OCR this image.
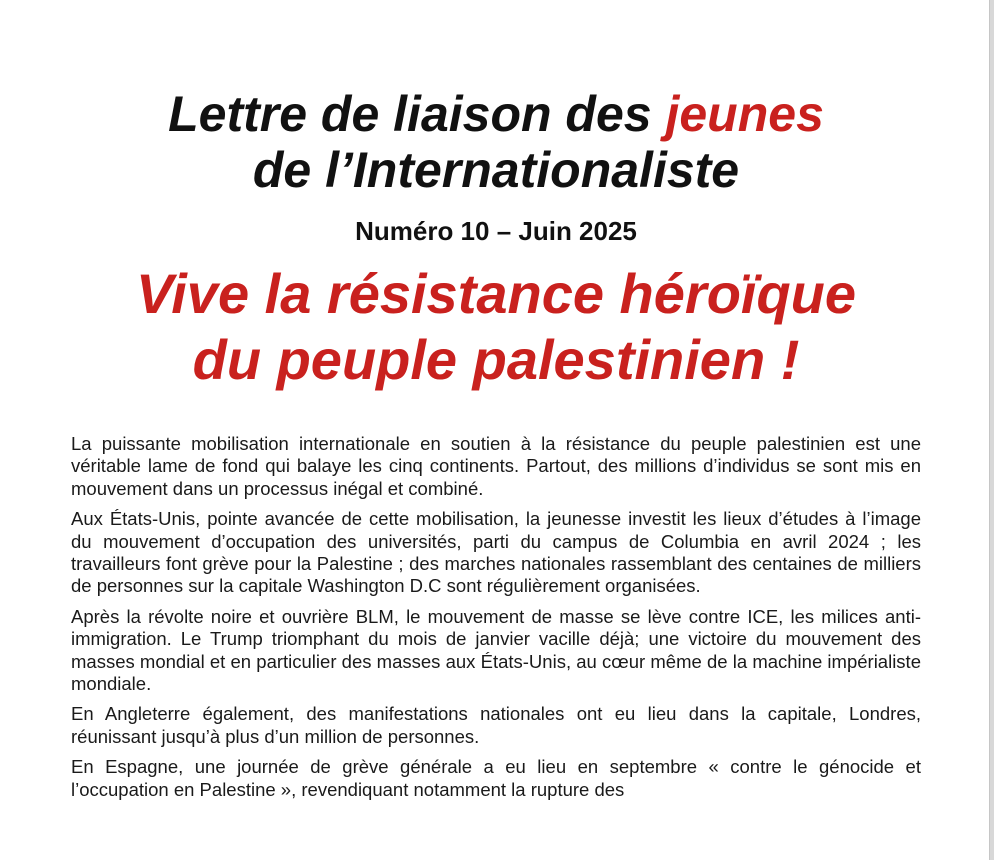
Lettre de liaison des jeunes
de l’Internationaliste

Numéro 10 – Juin 2025

Vive la résistance héroïque
du peuple palestinien !

La puissante mobilisation internationale en soutien à la résistance du peuple palestinien est une véritable lame de fond qui balaye les cinq continents. Partout, des millions d’individus se sont mis en mouvement dans un processus inégal et combiné.

Aux États-Unis, pointe avancée de cette mobilisation, la jeunesse investit les lieux d’études à l’image du mouvement d’occupation des universités, parti du campus de Columbia en avril 2024 ; les travailleurs font grève pour la Palestine ; des marches nationales rassemblant des centaines de milliers de personnes sur la capitale Washington D.C sont régulièrement organisées.

Après la révolte noire et ouvrière BLM, le mouvement de masse se lève contre ICE, les milices anti-immigration. Le Trump triomphant du mois de janvier vacille déjà; une victoire du mouvement des masses mondial et en particulier des masses aux États-Unis, au cœur même de la machine impérialiste mondiale.

En Angleterre également, des manifestations nationales ont eu lieu dans la capitale, Londres, réunissant jusqu’à plus d’un million de personnes.

En Espagne, une journée de grève générale a eu lieu en septembre « contre le génocide et l’occupation en Palestine », revendiquant notamment la rupture des
